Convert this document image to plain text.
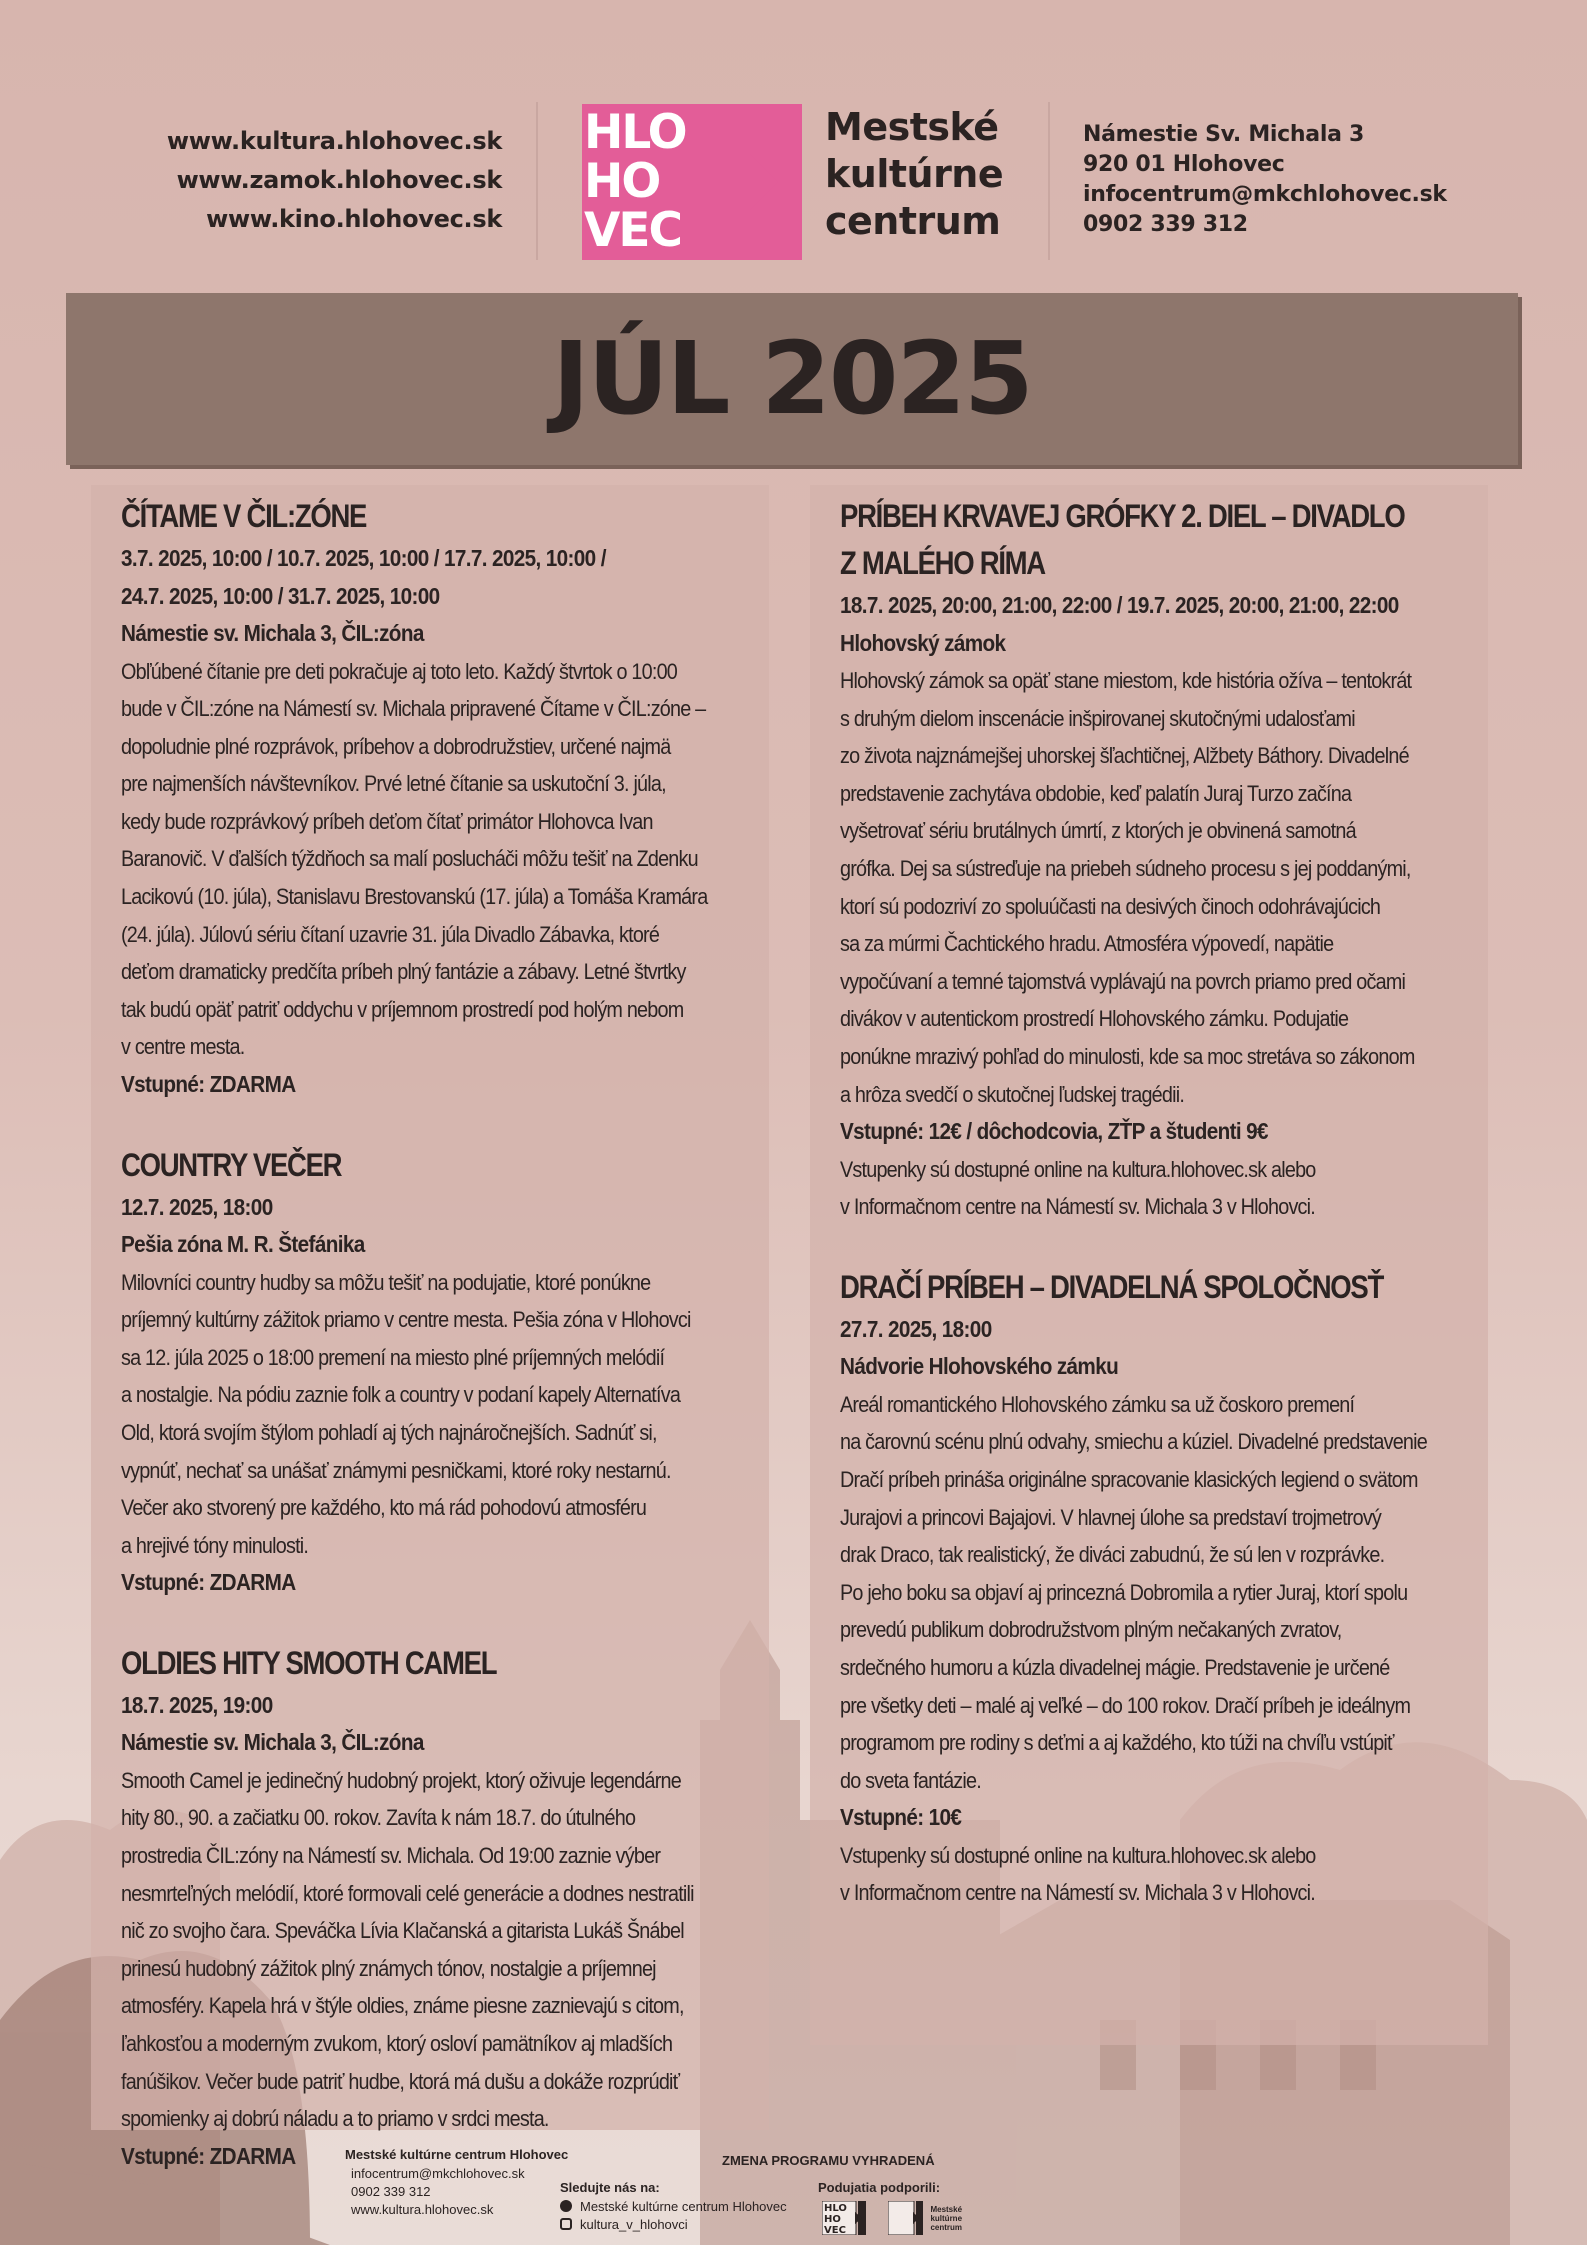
www.kultura.hlohovec.sk
www.zamok.hlohovec.sk
www.kino.hlohovec.sk
HLO
HO
VEC
Mestské
kultúrne
centrum
Námestie Sv. Michala 3
920 01 Hlohovec
infocentrum@mkchlohovec.sk
0902 339 312
JÚL 2025
ČÍTAME V ČIL:ZÓNE
3.7. 2025, 10:00 / 10.7. 2025, 10:00 / 17.7. 2025, 10:00 /
24.7. 2025, 10:00 / 31.7. 2025, 10:00
Námestie sv. Michala 3, ČIL:zóna
Obľúbené čítanie pre deti pokračuje aj toto leto. Každý štvrtok o 10:00
bude v ČIL:zóne na Námestí sv. Michala pripravené Čítame v ČIL:zóne –
dopoludnie plné rozprávok, príbehov a dobrodružstiev, určené najmä
pre najmenších návštevníkov. Prvé letné čítanie sa uskutoční 3. júla,
kedy bude rozprávkový príbeh deťom čítať primátor Hlohovca Ivan
Baranovič. V ďalších týždňoch sa malí poslucháči môžu tešiť na Zdenku
Lacikovú (10. júla), Stanislavu Brestovanskú (17. júla) a Tomáša Kramára
(24. júla). Júlovú sériu čítaní uzavrie 31. júla Divadlo Zábavka, ktoré
deťom dramaticky predčíta príbeh plný fantázie a zábavy. Letné štvrtky
tak budú opäť patriť oddychu v príjemnom prostredí pod holým nebom
v centre mesta.
Vstupné: ZDARMA
COUNTRY VEČER
12.7. 2025, 18:00
Pešia zóna M. R. Štefánika
Milovníci country hudby sa môžu tešiť na podujatie, ktoré ponúkne
príjemný kultúrny zážitok priamo v centre mesta. Pešia zóna v Hlohovci
sa 12. júla 2025 o 18:00 premení na miesto plné príjemných melódií
a nostalgie. Na pódiu zaznie folk a country v podaní kapely Alternatíva
Old, ktorá svojím štýlom pohladí aj tých najnáročnejších. Sadnúť si,
vypnúť, nechať sa unášať známymi pesničkami, ktoré roky nestarnú.
Večer ako stvorený pre každého, kto má rád pohodovú atmosféru
a hrejivé tóny minulosti.
Vstupné: ZDARMA
OLDIES HITY SMOOTH CAMEL
18.7. 2025, 19:00
Námestie sv. Michala 3, ČIL:zóna
Smooth Camel je jedinečný hudobný projekt, ktorý oživuje legendárne
hity 80., 90. a začiatku 00. rokov. Zavíta k nám 18.7. do útulného
prostredia ČIL:zóny na Námestí sv. Michala. Od 19:00 zaznie výber
nesmrteľných melódií, ktoré formovali celé generácie a dodnes nestratili
nič zo svojho čara. Speváčka Lívia Klačanská a gitarista Lukáš Šnábel
prinesú hudobný zážitok plný známych tónov, nostalgie a príjemnej
atmosféry. Kapela hrá v štýle oldies, známe piesne zaznievajú s citom,
ľahkosťou a moderným zvukom, ktorý osloví pamätníkov aj mladších
fanúšikov. Večer bude patriť hudbe, ktorá má dušu a dokáže rozprúdiť
spomienky aj dobrú náladu a to priamo v srdci mesta.
Vstupné: ZDARMA
PRÍBEH KRVAVEJ GRÓFKY 2. DIEL – DIVADLO
Z MALÉHO RÍMA
18.7. 2025, 20:00, 21:00, 22:00 / 19.7. 2025, 20:00, 21:00, 22:00
Hlohovský zámok
Hlohovský zámok sa opäť stane miestom, kde história ožíva – tentokrát
s druhým dielom inscenácie inšpirovanej skutočnými udalosťami
zo života najznámejšej uhorskej šľachtičnej, Alžbety Báthory. Divadelné
predstavenie zachytáva obdobie, keď palatín Juraj Turzo začína
vyšetrovať sériu brutálnych úmrtí, z ktorých je obvinená samotná
grófka. Dej sa sústreďuje na priebeh súdneho procesu s jej poddanými,
ktorí sú podozriví zo spoluúčasti na desivých činoch odohrávajúcich
sa za múrmi Čachtického hradu. Atmosféra výpovedí, napätie
vypočúvaní a temné tajomstvá vyplávajú na povrch priamo pred očami
divákov v autentickom prostredí Hlohovského zámku. Podujatie
ponúkne mrazivý pohľad do minulosti, kde sa moc stretáva so zákonom
a hrôza svedčí o skutočnej ľudskej tragédii.
Vstupné: 12€ / dôchodcovia, ZŤP a študenti 9€
Vstupenky sú dostupné online na kultura.hlohovec.sk alebo
v Informačnom centre na Námestí sv. Michala 3 v Hlohovci.
DRAČÍ PRÍBEH – DIVADELNÁ SPOLOČNOSŤ
27.7. 2025, 18:00
Nádvorie Hlohovského zámku
Areál romantického Hlohovského zámku sa už čoskoro premení
na čarovnú scénu plnú odvahy, smiechu a kúziel. Divadelné predstavenie
Dračí príbeh prináša originálne spracovanie klasických legiend o svätom
Jurajovi a princovi Bajajovi. V hlavnej úlohe sa predstaví trojmetrový
drak Draco, tak realistický, že diváci zabudnú, že sú len v rozprávke.
Po jeho boku sa objaví aj princezná Dobromila a rytier Juraj, ktorí spolu
prevedú publikum dobrodružstvom plným nečakaných zvratov,
srdečného humoru a kúzla divadelnej mágie. Predstavenie je určené
pre všetky deti – malé aj veľké – do 100 rokov. Dračí príbeh je ideálnym
programom pre rodiny s deťmi a aj každého, kto túži na chvíľu vstúpiť
do sveta fantázie.
Vstupné: 10€
Vstupenky sú dostupné online na kultura.hlohovec.sk alebo
v Informačnom centre na Námestí sv. Michala 3 v Hlohovci.
Mestské kultúrne centrum Hlohovec
infocentrum@mkchlohovec.sk
0902 339 312
www.kultura.hlohovec.sk
Sledujte nás na:
Mestské kultúrne centrum Hlohovec
kultura_v_hlohovci
ZMENA PROGRAMU VYHRADENÁ
Podujatia podporili:
HLO
HO
VEC

Mestské
kultúrne
centrum
